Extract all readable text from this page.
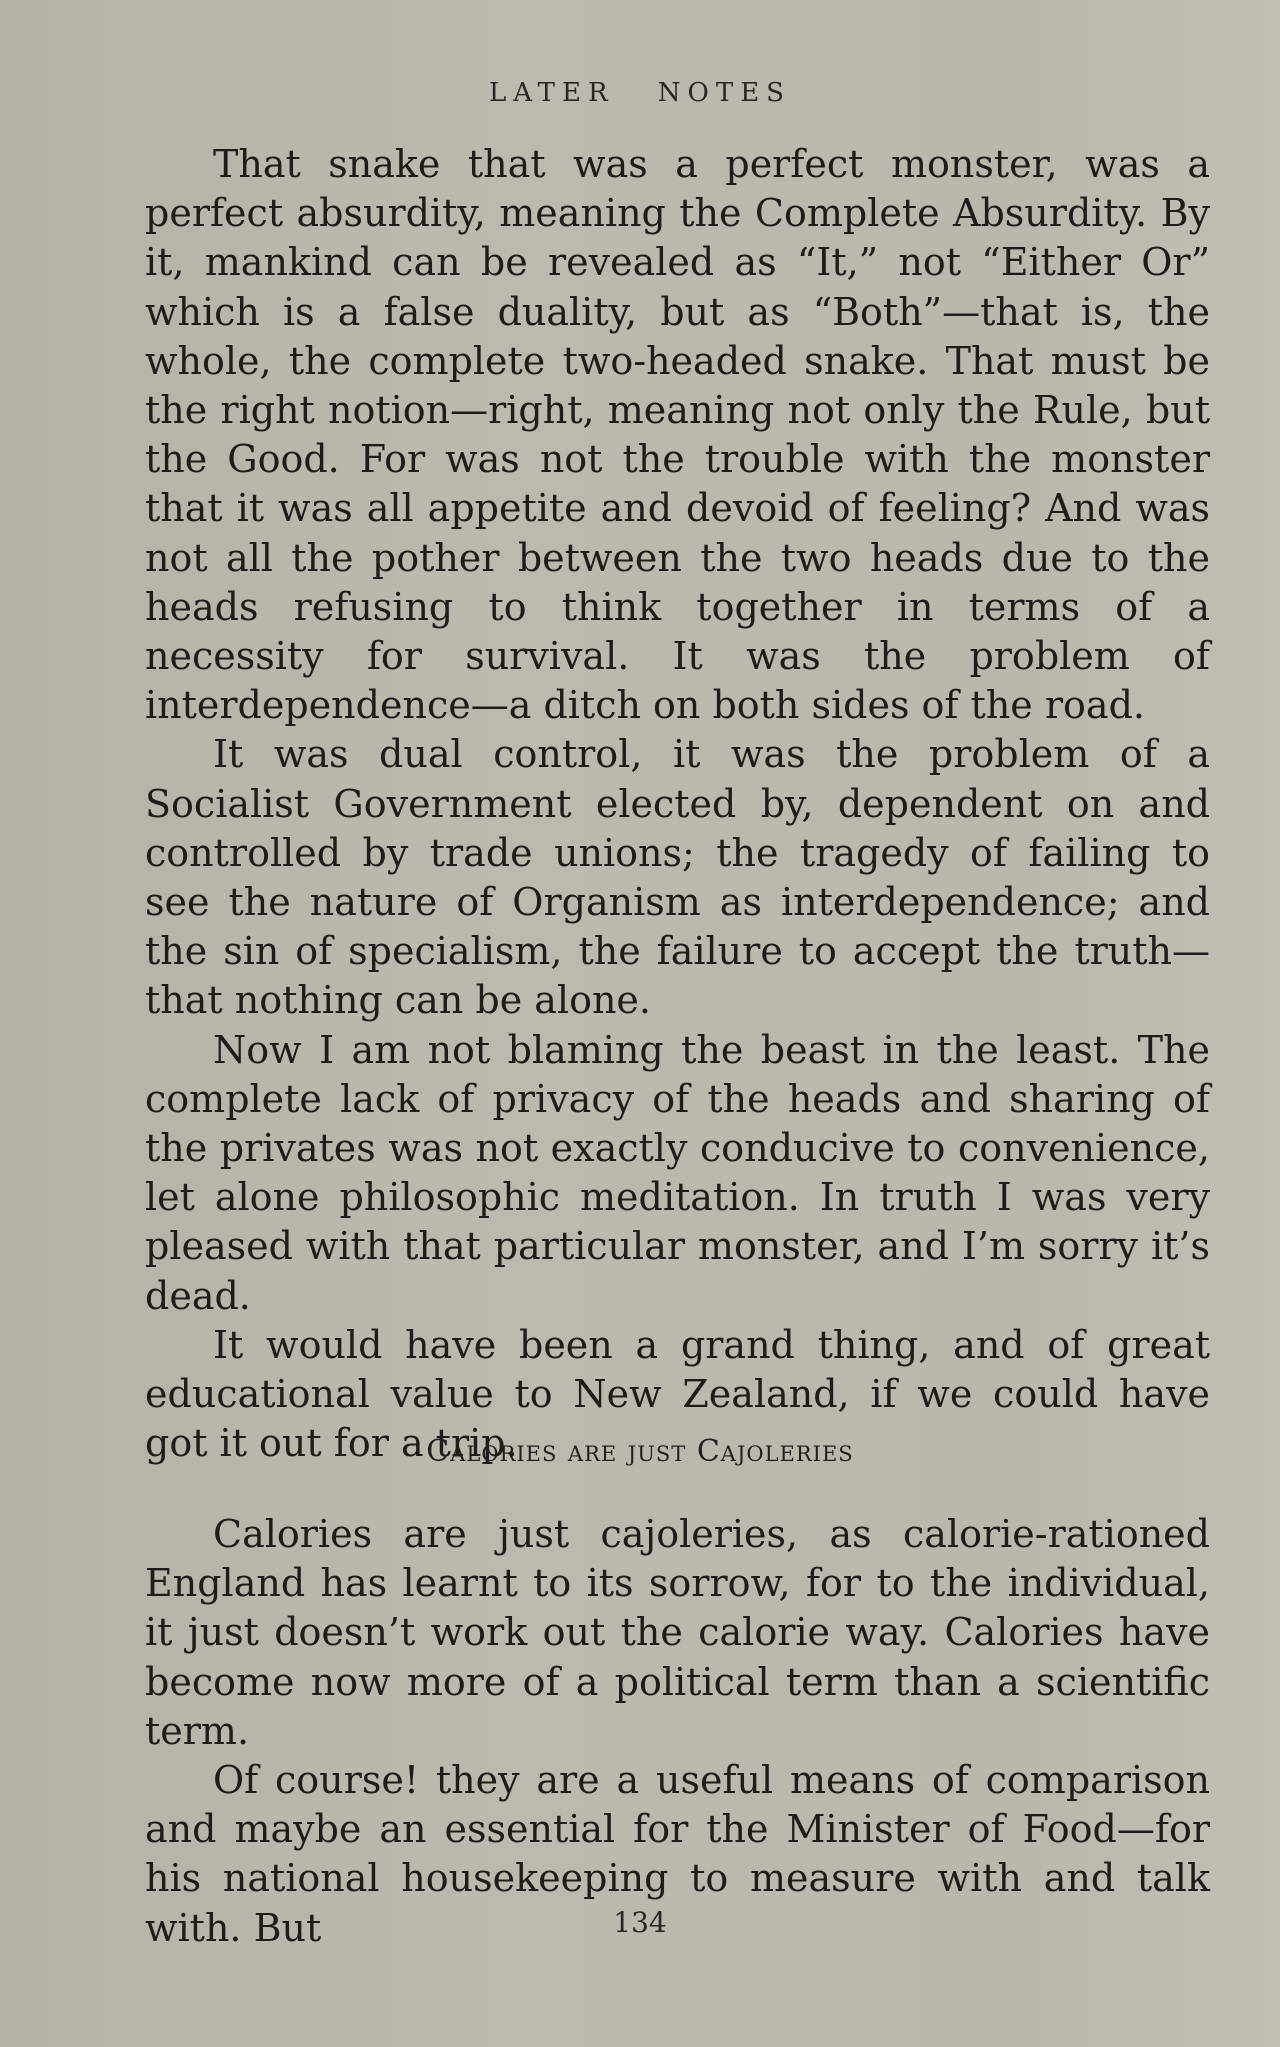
LATER NOTES

That snake that was a perfect monster, was a perfect absurdity, meaning the Complete Absurdity. By it, mankind can be revealed as “It,” not “Either Or” which is a false duality, but as “Both”—that is, the whole, the complete two-headed snake. That must be the right notion—right, meaning not only the Rule, but the Good. For was not the trouble with the monster that it was all appetite and devoid of feeling? And was not all the pother between the two heads due to the heads refusing to think together in terms of a necessity for survival. It was the problem of interdependence—a ditch on both sides of the road.

It was dual control, it was the problem of a Socialist Government elected by, dependent on and controlled by trade unions; the tragedy of failing to see the nature of Organism as interdependence; and the sin of specialism, the failure to accept the truth—that nothing can be alone.

Now I am not blaming the beast in the least. The complete lack of privacy of the heads and sharing of the privates was not exactly conducive to convenience, let alone philosophic meditation. In truth I was very pleased with that particular monster, and I’m sorry it’s dead.

It would have been a grand thing, and of great educational value to New Zealand, if we could have got it out for a trip.

Calories are just Cajoleries

Calories are just cajoleries, as calorie-rationed England has learnt to its sorrow, for to the individual, it just doesn’t work out the calorie way. Calories have become now more of a political term than a scientific term.

Of course! they are a useful means of comparison and maybe an essential for the Minister of Food—for his national housekeeping to measure with and talk with. But	134
